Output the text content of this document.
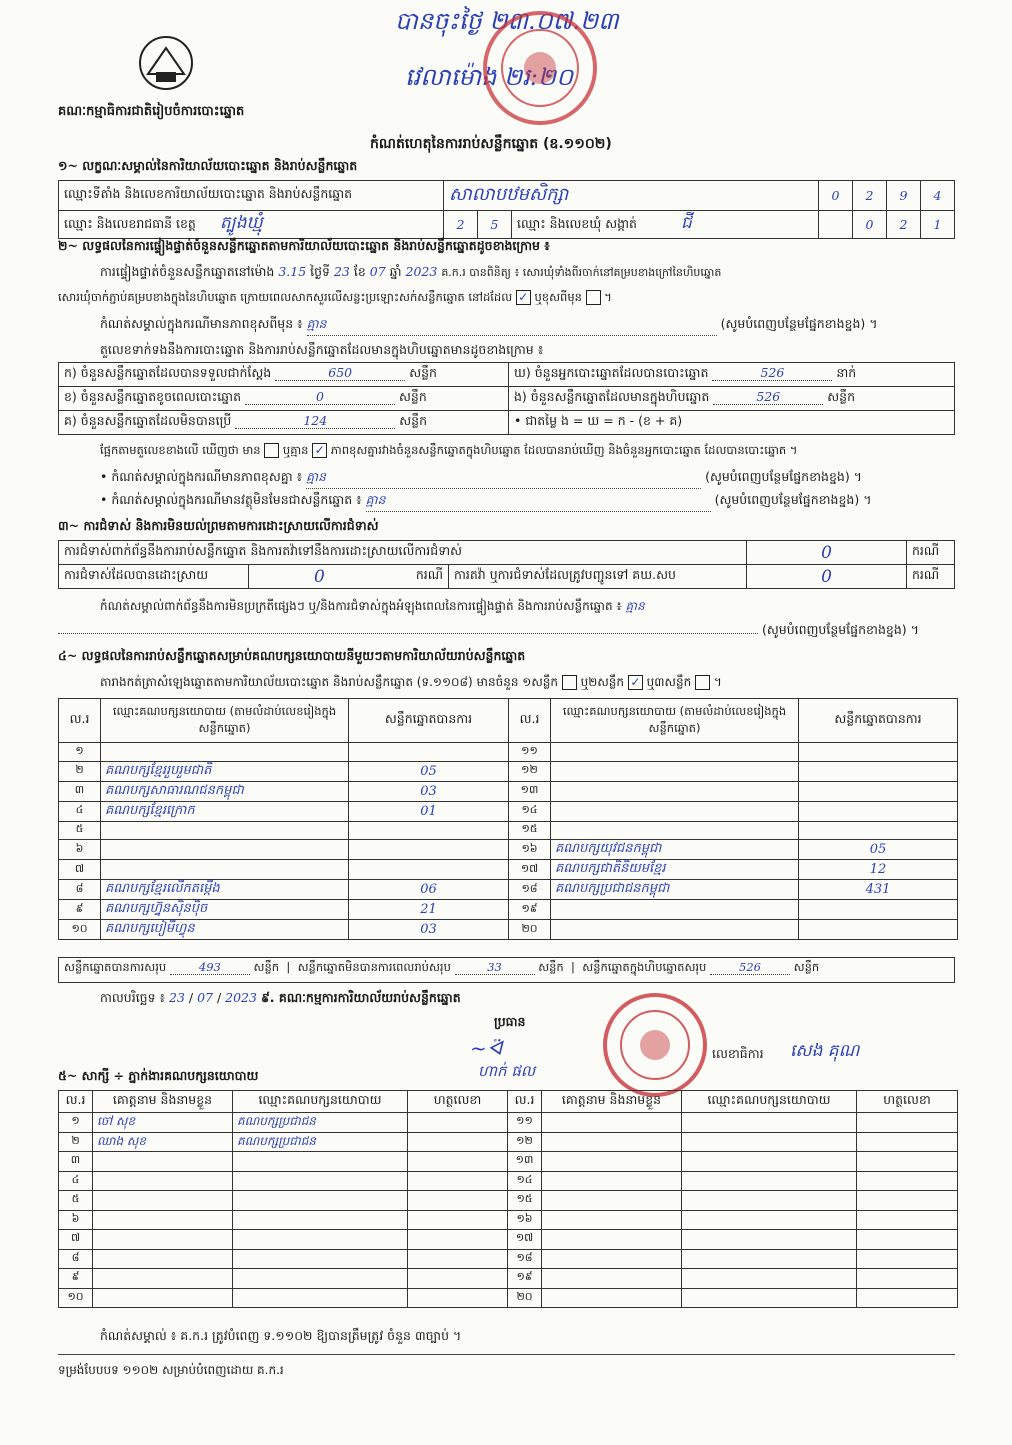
បានចុះថ្ងៃ ២៣.០៧.២៣
វេលាម៉ោង ២រ:២០
គណៈកម្មាធិការជាតិរៀបចំការបោះឆ្នោត
កំណត់ហេតុនៃការរាប់សន្លឹកឆ្នោត (ឧ.១១០២)
១~ លក្ខណៈសម្គាល់នៃការិយាល័យបោះឆ្នោត និងរាប់សន្លឹកឆ្នោត
ឈ្មោះទីតាំង និងលេខការិយាល័យបោះឆ្នោត និងរាប់សន្លឹកឆ្នោត	សាលាបឋមសិក្សា			0	2	9	4
ឈ្មោះ និងលេខរាជធានី ខេត្ត ត្បូងឃ្មុំ	2	5	ឈ្មោះ និងលេខឃុំ សង្កាត់ ជី		0	2	1
២~ លទ្ធផលនៃការផ្ទៀងផ្ទាត់ចំនួនសន្លឹកឆ្នោតតាមការិយាល័យបោះឆ្នោត និងរាប់សន្លឹកឆ្នោតដូចខាងក្រោម ៖
ការផ្ទៀងផ្ទាត់ចំនួនសន្លឹកឆ្នោតនៅម៉ោង 3.15 ថ្ងៃទី 23 ខែ 07 ឆ្នាំ 2023 គ.ក.រ បានពិនិត្យ ៖ សោរឃុំទាំងពីរចាក់នៅគម្របខាងក្រៅនៃហិបឆ្នោត
សោរឃុំចាក់ភ្ជាប់គម្របខាងក្នុងនៃហិបឆ្នោត ក្រោយពេលសាកសួរលើសន្លះប្រឡោះសក់សន្លឹកឆ្នោត នៅដដែល ✓ ឬខុសពីមុន  ។
កំណត់សម្គាល់ក្នុងករណីមានភាពខុសពីមុន ៖ គ្មាន	(សូមបំពេញបន្ថែមផ្នែកខាងខ្នង) ។
តួលេខទាក់ទងនឹងការបោះឆ្នោត និងការរាប់សន្លឹកឆ្នោតដែលមានក្នុងហិបឆ្នោតមានដូចខាងក្រោម ៖
ក) ចំនួនសន្លឹកឆ្នោតដែលបានទទួលជាក់ស្តែង 650 សន្លឹក	ឃ) ចំនួនអ្នកបោះឆ្នោតដែលបានបោះឆ្នោត 526 នាក់
ខ) ចំនួនសន្លឹកឆ្នោតខូចពេលបោះឆ្នោត 0 សន្លឹក	ង) ចំនួនសន្លឹកឆ្នោតដែលមានក្នុងហិបឆ្នោត 526 សន្លឹក
គ) ចំនួនសន្លឹកឆ្នោតដែលមិនបានប្រើ 124 សន្លឹក	• ជាតម្លៃ ង = ឃ = ក - (ខ + គ)
ផ្អែកតាមតួលេខខាងលើ ឃើញថា មាន ឬគ្មាន ✓ ភាពខុសគ្នារវាងចំនួនសន្លឹកឆ្នោតក្នុងហិបឆ្នោត ដែលបានរាប់ឃើញ និងចំនួនអ្នកបោះឆ្នោត ដែលបានបោះឆ្នោត ។
• កំណត់សម្គាល់ក្នុងករណីមានភាពខុសគ្នា ៖ គ្មាន	(សូមបំពេញបន្ថែមផ្នែកខាងខ្នង) ។
• កំណត់សម្គាល់ក្នុងករណីមានវត្ថុមិនមែនជាសន្លឹកឆ្នោត ៖ គ្មាន	(សូមបំពេញបន្ថែមផ្នែកខាងខ្នង) ។
៣~ ការជំទាស់ និងការមិនយល់ព្រមតាមការដោះស្រាយលើការជំទាស់
ការជំទាស់ពាក់ព័ន្ធនឹងការរាប់សន្លឹកឆ្នោត និងការតវ៉ាទៅនឹងការដោះស្រាយលើការជំទាស់			0	ករណី
ការជំទាស់ដែលបានដោះស្រាយ	0 ករណី	ការតវ៉ា ឬការជំទាស់ដែលត្រូវបញ្ជូនទៅ គឃ.សប	0	ករណី
កំណត់សម្គាល់ពាក់ព័ន្ធនឹងការមិនប្រក្រតីផ្សេងៗ ឬ/និងការជំទាស់ក្នុងអំឡុងពេលនៃការផ្ទៀងផ្ទាត់ និងការរាប់សន្លឹកឆ្នោត ៖ គ្មាន
(សូមបំពេញបន្ថែមផ្នែកខាងខ្នង) ។
៤~ លទ្ធផលនៃការរាប់សន្លឹកឆ្នោតសម្រាប់គណបក្សនយោបាយនីមួយៗតាមការិយាល័យរាប់សន្លឹកឆ្នោត
តារាងកត់ត្រាសំឡេងឆ្នោតតាមការិយាល័យបោះឆ្នោត និងរាប់សន្លឹកឆ្នោត (ទ.១១០៨) មានចំនួន ១សន្លឹក ឬ២សន្លឹក ✓ ឬ៣សន្លឹក  ។
ល.រ	ឈ្មោះគណបក្សនយោបាយ (តាមលំដាប់លេខរៀងក្នុងសន្លឹកឆ្នោត)	សន្លឹកឆ្នោតបានការ	ល.រ	ឈ្មោះគណបក្សនយោបាយ (តាមលំដាប់លេខរៀងក្នុងសន្លឹកឆ្នោត)	សន្លឹកឆ្នោតបានការ
១			១១		
២	គណបក្សខ្មែររួបរួមជាតិ	05	១២		
៣	គណបក្សសាធារណជនកម្ពុជា	03	១៣		
៤	គណបក្សខ្មែរក្រោក	01	១៤		
៥			១៥		
៦			១៦	គណបក្សយុវជនកម្ពុជា	05
៧			១៧	គណបក្សជាតិនិយមខ្មែរ	12
៨	គណបក្សខ្មែរលើកតម្កើង	06	១៨	គណបក្សប្រជាជនកម្ពុជា	431
៩	គណបក្សហ្វ៊ុនស៊ិនប៉ិច	21	១៩		
១០	គណបក្សបៀមីហ្វុន	03	២០		
សន្លឹកឆ្នោតបានការសរុប	493	សន្លឹក  |  សន្លឹកឆ្នោតមិនបានការពេលរាប់សរុប	33	សន្លឹក  |  សន្លឹកឆ្នោតក្នុងហិបឆ្នោតសរុប	526	សន្លឹក
កាលបរិច្ឆេទ ៖ 23 / 07 / 2023 ៩. គណៈកម្មការការិយាល័យរាប់សន្លឹកឆ្នោត
ប្រធាន
~ᢲ
ហាក់ ផល
លេខាធិការ សេង គុណ
៥~ សាក្សី ÷ ភ្នាក់ងារគណបក្សនយោបាយ
ល.រ	គោត្តនាម និងនាមខ្លួន	ឈ្មោះគណបក្សនយោបាយ	ហត្ថលេខា	ល.រ	គោត្តនាម និងនាមខ្លួន	ឈ្មោះគណបក្សនយោបាយ	ហត្ថលេខា
១	ចៅ សុខ	គណបក្សប្រជាជន		១១			
២	ឈាង សុខ	គណបក្សប្រជាជន		១២			
៣				១៣			
៤				១៤			
៥				១៥			
៦				១៦			
៧				១៧			
៨				១៨			
៩				១៩			
១០				២០			
កំណត់សម្គាល់ ៖ គ.ក.រ ត្រូវបំពេញ ទ.១១០២ ឱ្យបានត្រឹមត្រូវ ចំនួន ៣ច្បាប់ ។
ទម្រង់បែបបទ ១១០២ សម្រាប់បំពេញដោយ គ.ក.រ
